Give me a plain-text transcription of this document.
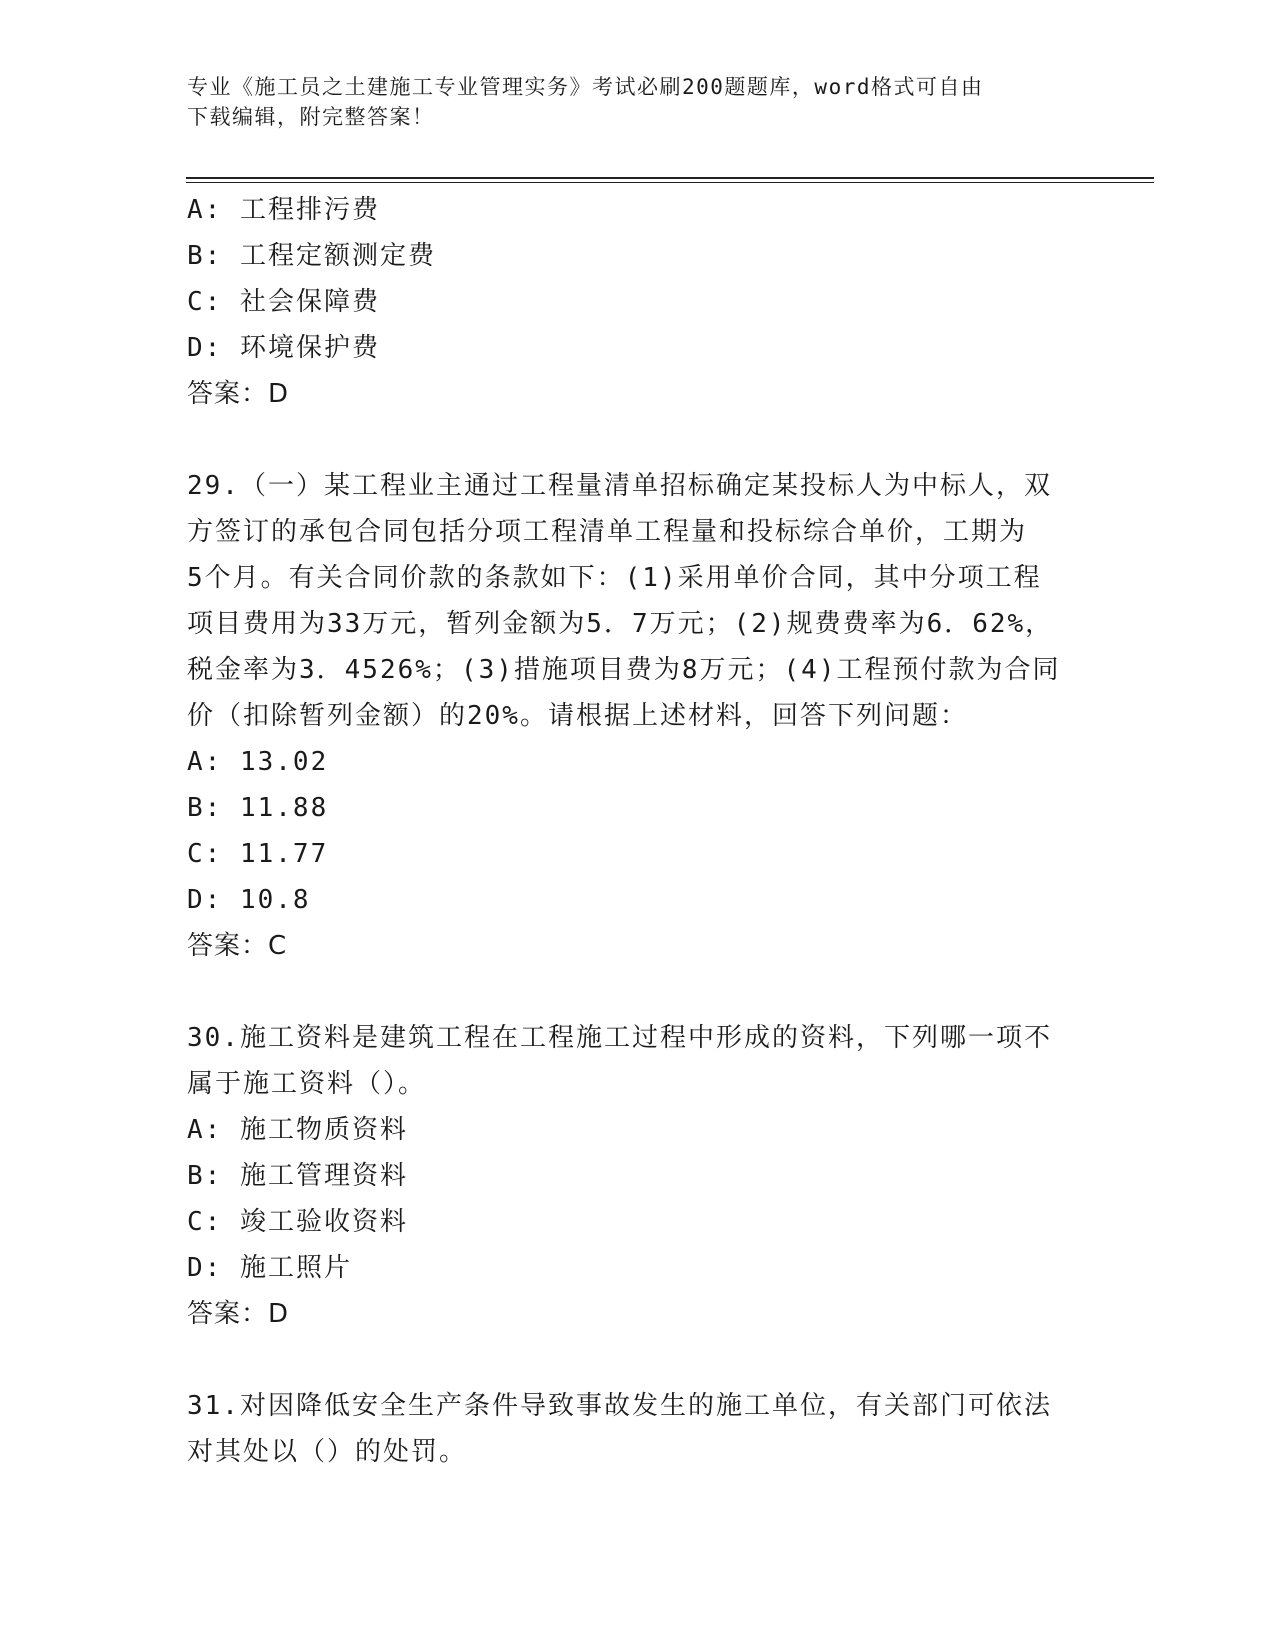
专业《施工员之土建施工专业管理实务》考试必刷200题题库，word格式可自由
下载编辑，附完整答案！
A: 工程排污费
B: 工程定额测定费
C: 社会保障费
D: 环境保护费
答案：D
29.（一）某工程业主通过工程量清单招标确定某投标人为中标人，双
方签订的承包合同包括分项工程清单工程量和投标综合单价，工期为
5个月。有关合同价款的条款如下：(1)采用单价合同，其中分项工程
项目费用为33万元，暂列金额为5．7万元；(2)规费费率为6．62%，
税金率为3．4526%；(3)措施项目费为8万元；(4)工程预付款为合同
价（扣除暂列金额）的20%。请根据上述材料，回答下列问题：
A: 13.02
B: 11.88
C: 11.77
D: 10.8
答案：C
30.施工资料是建筑工程在工程施工过程中形成的资料，下列哪一项不
属于施工资料（）。
A: 施工物质资料
B: 施工管理资料
C: 竣工验收资料
D: 施工照片
答案：D
31.对因降低安全生产条件导致事故发生的施工单位，有关部门可依法
对其处以（）的处罚。
